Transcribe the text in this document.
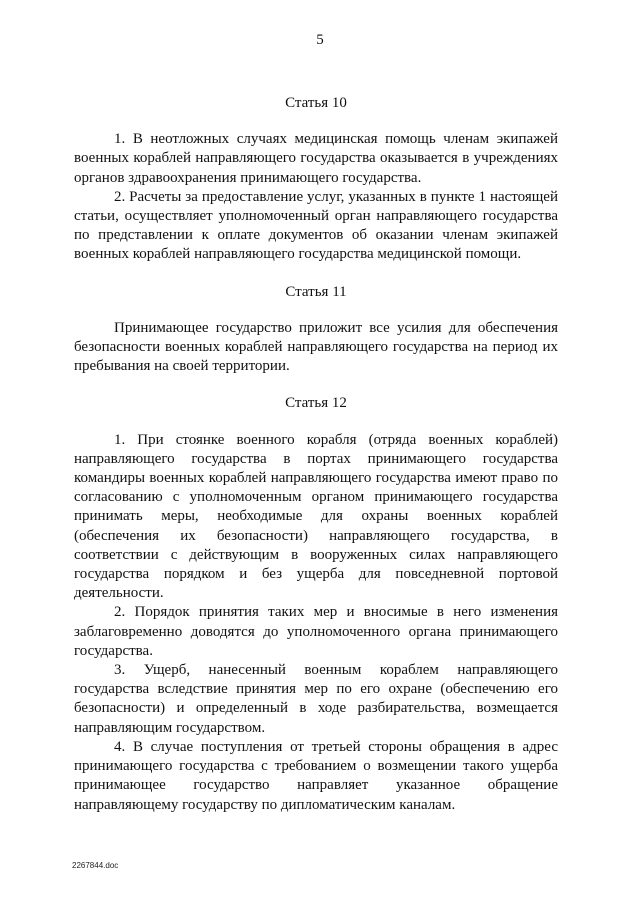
5
Статья 10

1. В неотложных случаях медицинская помощь членам экипажей военных кораблей направляющего государства оказывается в учреждениях органов здравоохранения принимающего государства.

2. Расчеты за предоставление услуг, указанных в пункте 1 настоящей статьи, осуществляет уполномоченный орган направляющего государства по представлении к оплате документов об оказании членам экипажей военных кораблей направляющего государства медицинской помощи.

Статья 11

Принимающее государство приложит все усилия для обеспечения безопасности военных кораблей направляющего государства на период их пребывания на своей территории.

Статья 12

1. При стоянке военного корабля (отряда военных кораблей) направляющего государства в портах принимающего государства командиры военных кораблей направляющего государства имеют право по согласованию с уполномоченным органом принимающего государства принимать меры, необходимые для охраны военных кораблей (обеспечения их безопасности) направляющего государства, в соответствии с действующим в вооруженных силах направляющего государства порядком и без ущерба для повседневной портовой деятельности.

2. Порядок принятия таких мер и вносимые в него изменения заблаговременно доводятся до уполномоченного органа принимающего государства.

3. Ущерб, нанесенный военным кораблем направляющего государства вследствие принятия мер по его охране (обеспечению его безопасности) и определенный в ходе разбирательства, возмещается направляющим государством.

4. В случае поступления от третьей стороны обращения в адрес принимающего государства с требованием о возмещении такого ущерба принимающее государство направляет указанное обращение направляющему государству по дипломатическим каналам.

2267844.doc
